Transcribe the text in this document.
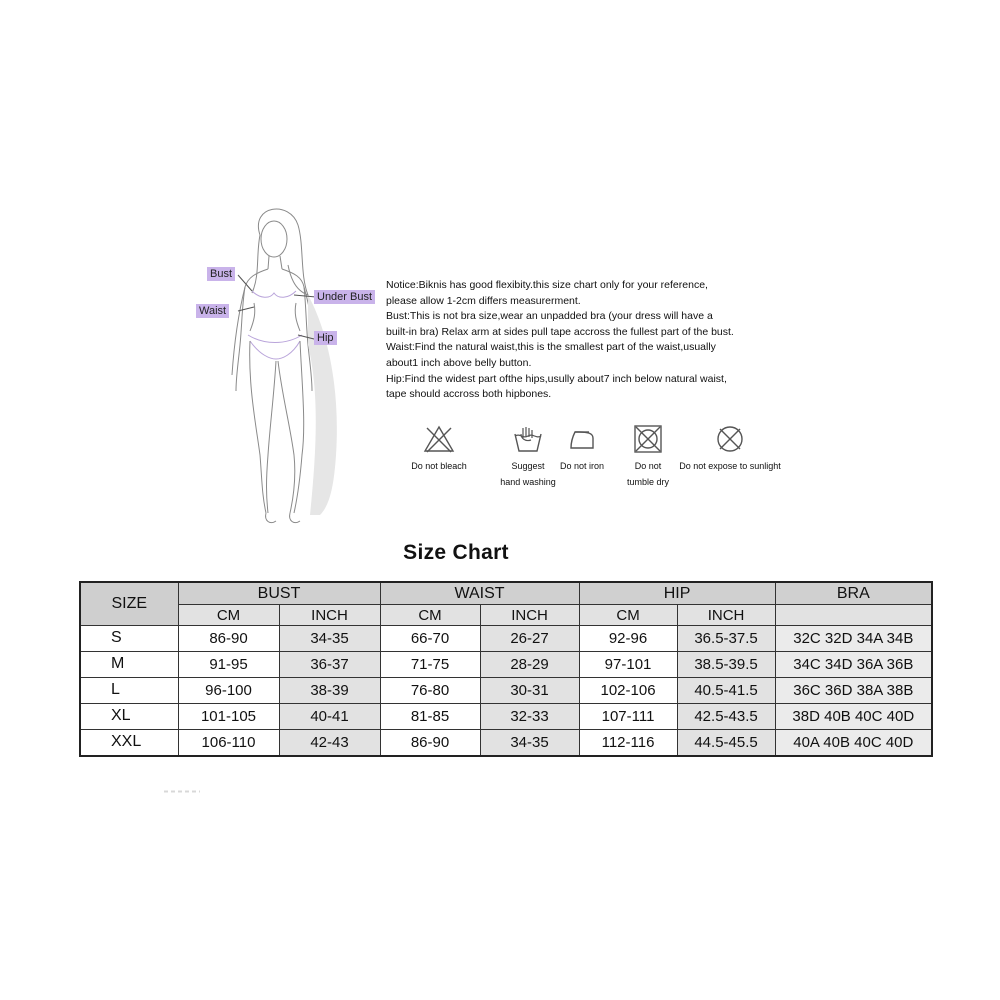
Bust
Waist
Under Bust
Hip
Notice:Biknis has good flexibity.this size chart only for your reference,
please allow 1-2cm differs measurerment.
Bust:This is not bra size,wear an unpadded bra (your dress will have a
built-in bra) Relax arm at sides pull tape accross the fullest part of the bust.
Waist:Find the natural waist,this is the smallest part of the waist,usually
about1 inch above belly button.
Hip:Find the widest part ofthe hips,usully about7 inch below natural waist,
tape should accross both hipbones.
Do not bleach	Suggest
hand washing
Do not iron	Do not
tumble dry
Do not expose to sunlight
Size Chart
SIZE	BUST		WAIST		HIP		BRA
	CM	INCH	CM	INCH	CM	INCH	
S	86-90	34-35	66-70	26-27	92-96	36.5-37.5	32C 32D 34A 34B
M	91-95	36-37	71-75	28-29	97-101	38.5-39.5	34C 34D 36A 36B
L	96-100	38-39	76-80	30-31	102-106	40.5-41.5	36C 36D 38A 38B
XL	101-105	40-41	81-85	32-33	107-111	42.5-43.5	38D 40B 40C 40D
XXL	106-110	42-43	86-90	34-35	112-116	44.5-45.5	40A 40B 40C 40D
